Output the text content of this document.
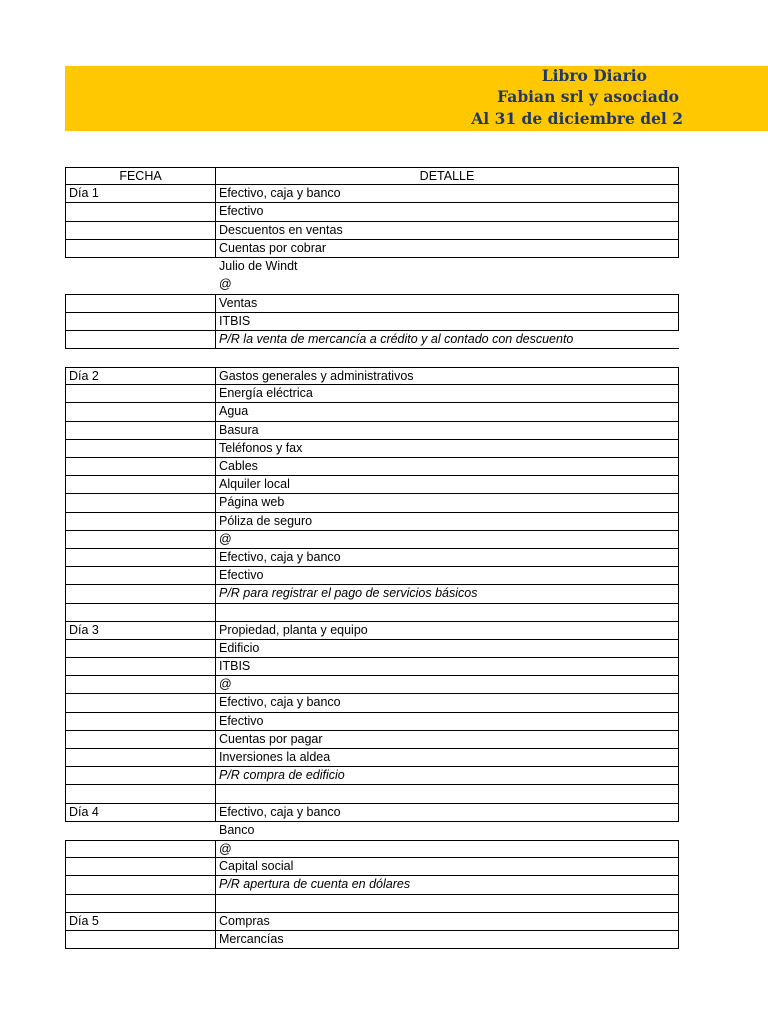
Libro Diario
Fabian srl y asociado
Al 31 de diciembre del 2
FECHA	DETALLE
Día 1	Efectivo, caja y banco
Efectivo
Descuentos en ventas
Cuentas por cobrar
Julio de Windt
@
Ventas
ITBIS
P/R la venta de mercancía a crédito y al contado con descuento
Día 2	Gastos generales y administrativos
Energía eléctrica
Agua
Basura
Teléfonos y fax
Cables
Alquiler local
Página web
Póliza de seguro
@
Efectivo, caja y banco
Efectivo
P/R para registrar el pago de servicios básicos
Día 3	Propiedad, planta y equipo
Edificio
ITBIS
@
Efectivo, caja y banco
Efectivo
Cuentas por pagar
Inversiones la aldea
P/R compra de edificio
Día 4	Efectivo, caja y banco
Banco
@
Capital social
P/R apertura de cuenta en dólares
Día 5	Compras
Mercancías
